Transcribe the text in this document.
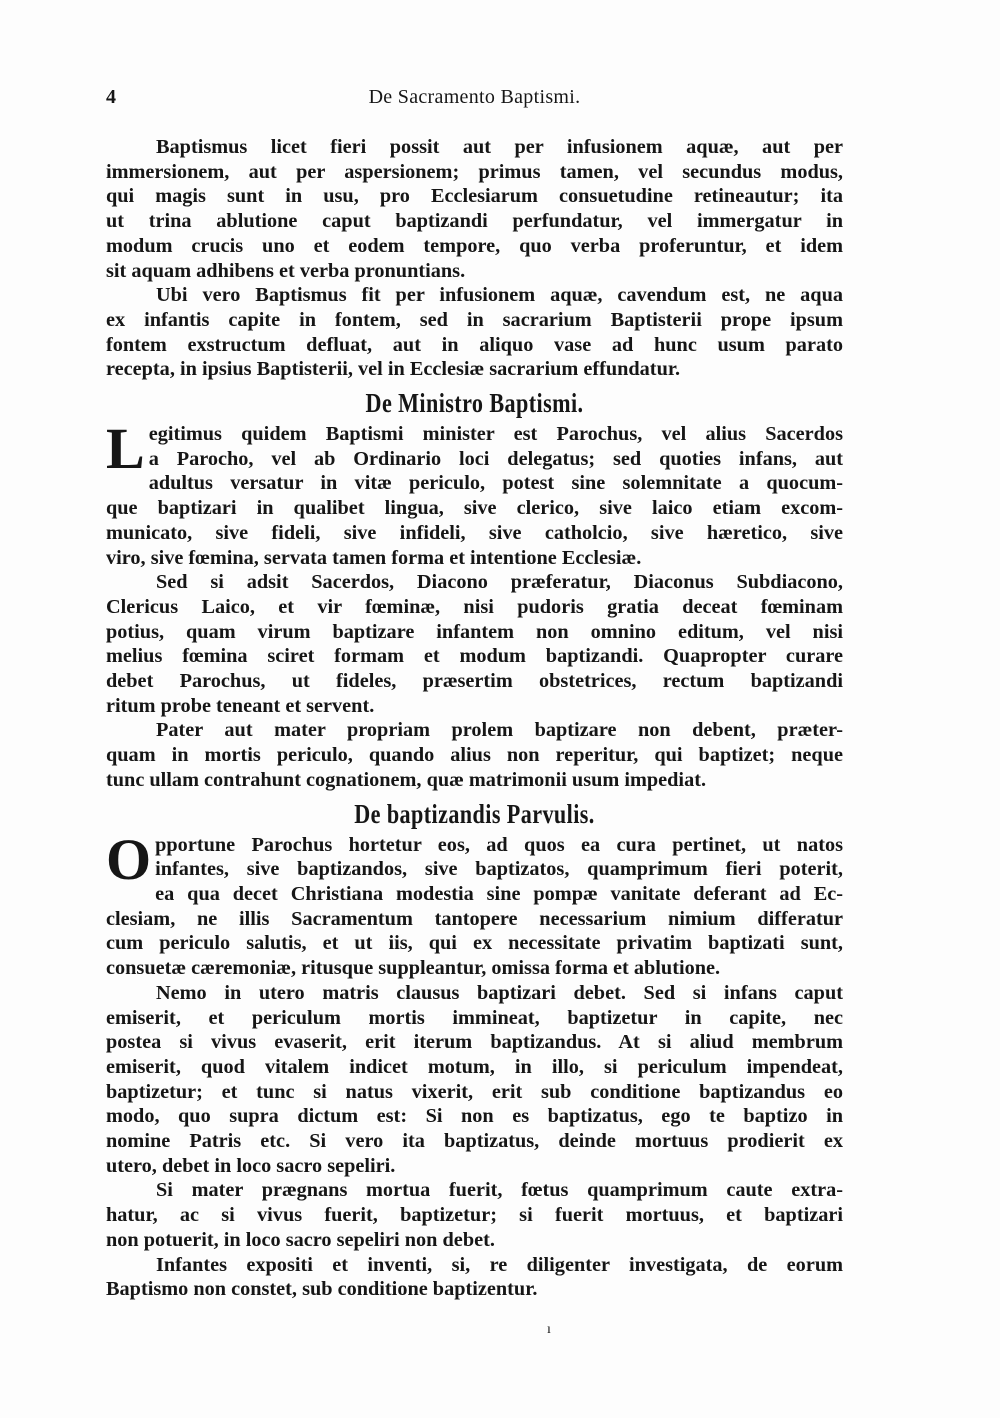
4	De Sacramento Baptismi.
Baptismus licet fieri possit aut per infusionem aquæ, aut per
immersionem, aut per aspersionem; primus tamen, vel secundus modus,
qui magis sunt in usu, pro Ecclesiarum consuetudine retineautur; ita
ut trina ablutione caput baptizandi perfundatur, vel immergatur in
modum crucis uno et eodem tempore, quo verba proferuntur, et idem
sit aquam adhibens et verba pronuntians.
Ubi vero Baptismus fit per infusionem aquæ, cavendum est, ne aqua
ex infantis capite in fontem, sed in sacrarium Baptisterii prope ipsum
fontem exstructum defluat, aut in aliquo vase ad hunc usum parato
recepta, in ipsius Baptisterii, vel in Ecclesiæ sacrarium effundatur.
De Ministro Baptismi.
L egitimus quidem Baptismi minister est Parochus, vel alius Sacerdos
a Parocho, vel ab Ordinario loci delegatus; sed quoties infans, aut
adultus versatur in vitæ periculo, potest sine solemnitate a quocum-
que baptizari in qualibet lingua, sive clerico, sive laico etiam excom-
municato, sive fideli, sive infideli, sive catholcio, sive hæretico, sive
viro, sive fœmina, servata tamen forma et intentione Ecclesiæ.
Sed si adsit Sacerdos, Diacono præferatur, Diaconus Subdiacono,
Clericus Laico, et vir fœminæ, nisi pudoris gratia deceat fœminam
potius, quam virum baptizare infantem non omnino editum, vel nisi
melius fœmina sciret formam et modum baptizandi. Quapropter curare
debet Parochus, ut fideles, præsertim obstetrices, rectum baptizandi
ritum probe teneant et servent.
Pater aut mater propriam prolem baptizare non debent, præter-
quam in mortis periculo, quando alius non reperitur, qui baptizet; neque
tunc ullam contrahunt cognationem, quæ matrimonii usum impediat.
De baptizandis Parvulis.
O pportune Parochus hortetur eos, ad quos ea cura pertinet, ut natos
infantes, sive baptizandos, sive baptizatos, quamprimum fieri poterit,
ea qua decet Christiana modestia sine pompæ vanitate deferant ad Ec-
clesiam, ne illis Sacramentum tantopere necessarium nimium differatur
cum periculo salutis, et ut iis, qui ex necessitate privatim baptizati sunt,
consuetæ cæremoniæ, ritusque suppleantur, omissa forma et ablutione.
Nemo in utero matris clausus baptizari debet. Sed si infans caput
emiserit, et periculum mortis immineat, baptizetur in capite, nec
postea si vivus evaserit, erit iterum baptizandus. At si aliud membrum
emiserit, quod vitalem indicet motum, in illo, si periculum impendeat,
baptizetur; et tunc si natus vixerit, erit sub conditione baptizandus eo
modo, quo supra dictum est: Si non es baptizatus, ego te baptizo in
nomine Patris etc. Si vero ita baptizatus, deinde mortuus prodierit ex
utero, debet in loco sacro sepeliri.
Si mater prægnans mortua fuerit, fœtus quamprimum caute extra-
hatur, ac si vivus fuerit, baptizetur; si fuerit mortuus, et baptizari
non potuerit, in loco sacro sepeliri non debet.
Infantes expositi et inventi, si, re diligenter investigata, de eorum
Baptismo non constet, sub conditione baptizentur.
ı
